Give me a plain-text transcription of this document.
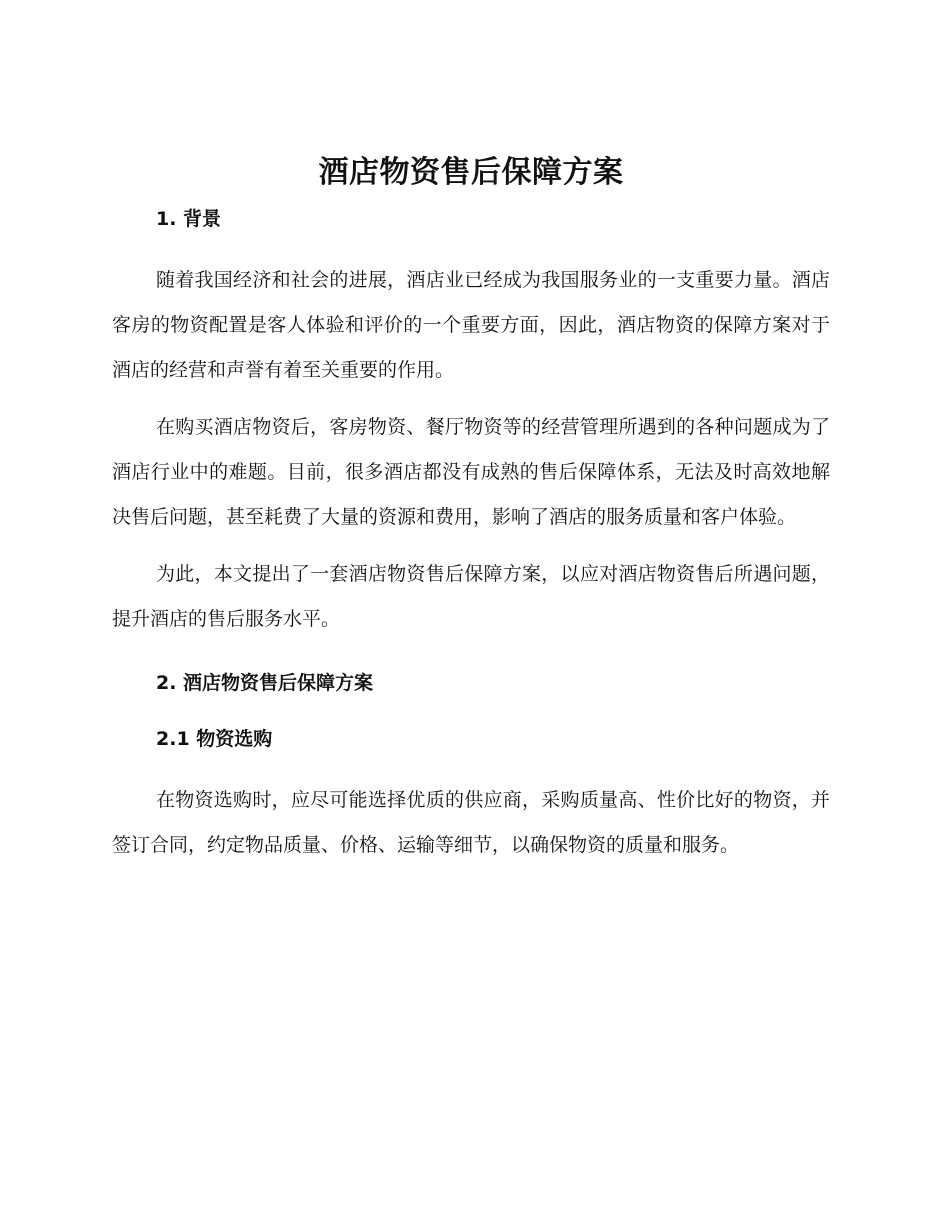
酒店物资售后保障方案
1. 背景

随着我国经济和社会的进展，酒店业已经成为我国服务业的一支重要力量。酒店客房的物资配置是客人体验和评价的一个重要方面，因此，酒店物资的保障方案对于酒店的经营和声誉有着至关重要的作用。

在购买酒店物资后，客房物资、餐厅物资等的经营管理所遇到的各种问题成为了酒店行业中的难题。目前，很多酒店都没有成熟的售后保障体系，无法及时高效地解决售后问题，甚至耗费了大量的资源和费用，影响了酒店的服务质量和客户体验。

为此，本文提出了一套酒店物资售后保障方案，以应对酒店物资售后所遇问题，提升酒店的售后服务水平。

2. 酒店物资售后保障方案
2.1 物资选购

在物资选购时，应尽可能选择优质的供应商，采购质量高、性价比好的物资，并签订合同，约定物品质量、价格、运输等细节，以确保物资的质量和服务。
